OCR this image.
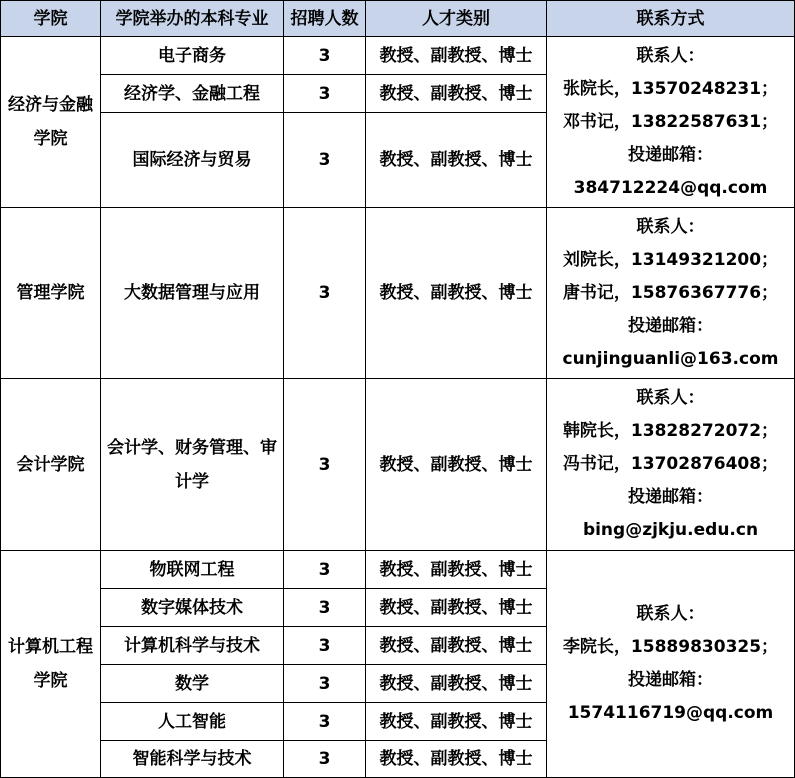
学院	学院举办的本科专业	招聘人数	人才类别	联系方式
经济与金融学院	电子商务	3	教授、副教授、博士	联系人：
张院长，13570248231；
邓书记，13822587631；
投递邮箱：
384712224@qq.com

	经济学、金融工程	3	教授、副教授、博士	
	国际经济与贸易	3	教授、副教授、博士	
管理学院	大数据管理与应用	3	教授、副教授、博士	联系人：
刘院长，13149321200；
唐书记，15876367776；
投递邮箱：
cunjinguanli@163.com

会计学院	会计学、财务管理、审计学	3	教授、副教授、博士	联系人：
韩院长，13828272072；
冯书记，13702876408；
投递邮箱：
bing@zjkju.edu.cn

计算机工程学院	物联网工程	3	教授、副教授、博士	联系人：
李院长，15889830325；
投递邮箱：
1574116719@qq.com

	数字媒体技术	3	教授、副教授、博士	
	计算机科学与技术	3	教授、副教授、博士	
	数学	3	教授、副教授、博士	
	人工智能	3	教授、副教授、博士	
	智能科学与技术	3	教授、副教授、博士	
